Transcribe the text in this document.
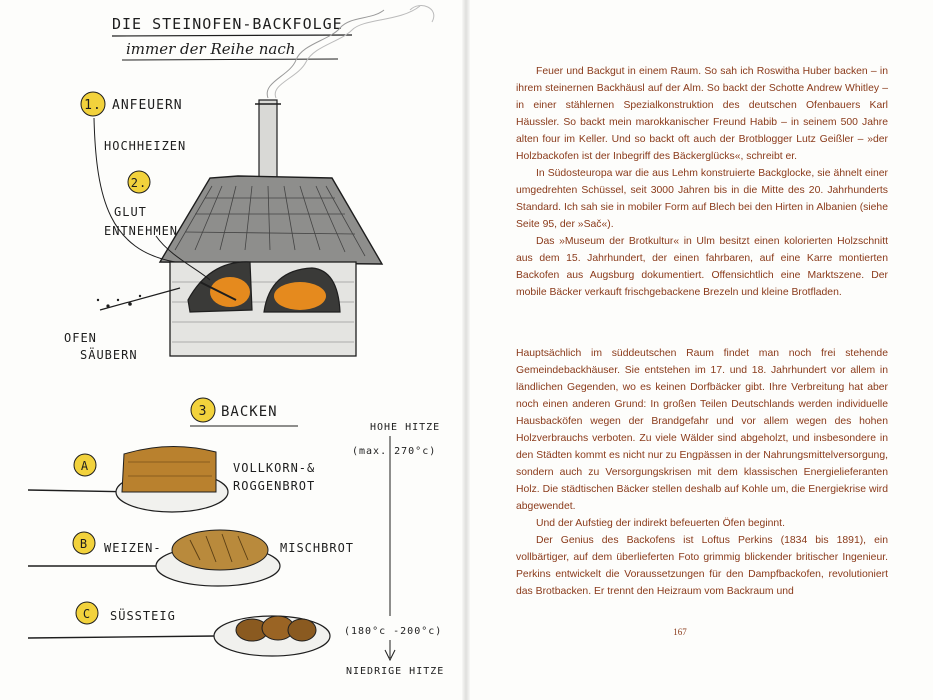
DIE STEINOFEN-BACKFOLGE
immer der Reihe nach
1. ANFEUERN
HOCHHEIZEN
2.
GLUT
ENTNEHMEN
OFEN
SÄUBERN
3 BACKEN
HOHE HITZE
(max. 270°c)
(180°c -200°c)
NIEDRIGE HITZE
A	VOLLKORN-&
ROGGENBROT
B WEIZEN-	MISCHBROT
C SÜSSTEIG

Feuer und Backgut in einem Raum. So sah ich Roswitha Huber backen – in ihrem steinernen Backhäusl auf der Alm. So backt der Schotte Andrew Whitley – in einer stählernen Spezialkonstruktion des deutschen Ofenbauers Karl Häussler. So backt mein marokkanischer Freund Habib – in seinem 500 Jahre alten four im Keller. Und so backt oft auch der Brotblogger Lutz Geißler – »der Holzbackofen ist der Inbegriff des Bäckerglücks«, schreibt er.

In Südosteuropa war die aus Lehm konstruierte Backglocke, sie ähnelt einer umgedrehten Schüssel, seit 3000 Jahren bis in die Mitte des 20. Jahrhunderts Standard. Ich sah sie in mobiler Form auf Blech bei den Hirten in Albanien (siehe Seite 95, der »Sač«).

Das »Museum der Brotkultur« in Ulm besitzt einen kolorierten Holzschnitt aus dem 15. Jahrhundert, der einen fahrbaren, auf eine Karre montierten Backofen aus Augsburg dokumentiert. Offensichtlich eine Marktszene. Der mobile Bäcker verkauft frischgebackene Brezeln und kleine Brotfladen.

Hauptsächlich im süddeutschen Raum findet man noch frei stehende Gemeindebackhäuser. Sie entstehen im 17. und 18. Jahrhundert vor allem in ländlichen Gegenden, wo es keinen Dorfbäcker gibt. Ihre Verbreitung hat aber noch einen anderen Grund: In großen Teilen Deutschlands werden individuelle Hausbacköfen wegen der Brandgefahr und vor allem wegen des hohen Holzverbrauchs verboten. Zu viele Wälder sind abgeholzt, und insbesondere in den Städten kommt es nicht nur zu Engpässen in der Nahrungsmittelversorgung, sondern auch zu Versorgungskrisen mit dem klassischen Energielieferanten Holz. Die städtischen Bäcker stellen deshalb auf Kohle um, die Energiekrise wird abgewendet.

Und der Aufstieg der indirekt befeuerten Öfen beginnt.

Der Genius des Backofens ist Loftus Perkins (1834 bis 1891), ein vollbärtiger, auf dem überlieferten Foto grimmig blickender britischer Ingenieur. Perkins entwickelt die Voraussetzungen für den Dampfbackofen, revolutioniert das Brotbacken. Er trennt den Heizraum vom Backraum und

167
